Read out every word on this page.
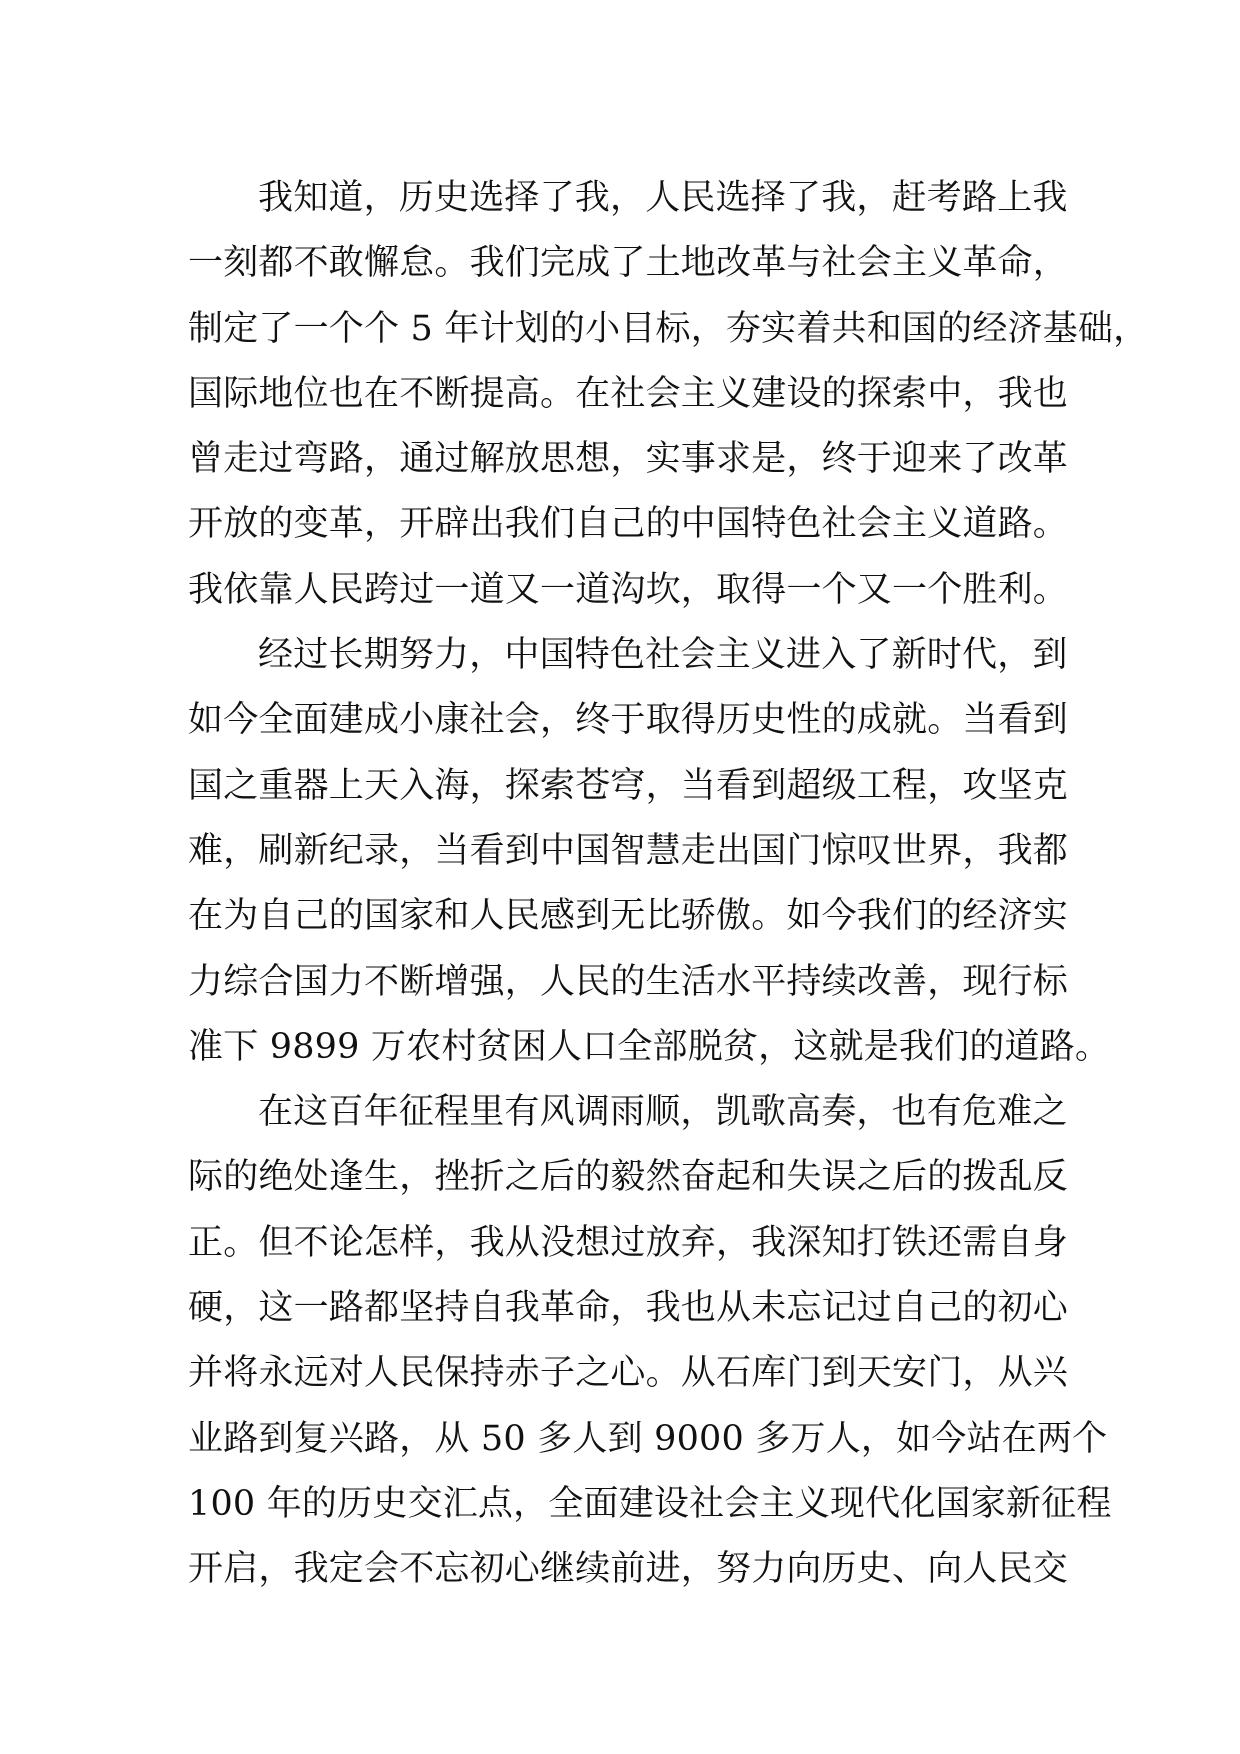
我知道，历史选择了我，人民选择了我，赶考路上我
一刻都不敢懈怠。我们完成了土地改革与社会主义革命，
制定了一个个 5 年计划的小目标，夯实着共和国的经济基础，
国际地位也在不断提高。在社会主义建设的探索中，我也
曾走过弯路，通过解放思想，实事求是，终于迎来了改革
开放的变革，开辟出我们自己的中国特色社会主义道路。
我依靠人民跨过一道又一道沟坎，取得一个又一个胜利。

经过长期努力，中国特色社会主义进入了新时代，到
如今全面建成小康社会，终于取得历史性的成就。当看到
国之重器上天入海，探索苍穹，当看到超级工程，攻坚克
难，刷新纪录，当看到中国智慧走出国门惊叹世界，我都
在为自己的国家和人民感到无比骄傲。如今我们的经济实
力综合国力不断增强，人民的生活水平持续改善，现行标
准下 9899 万农村贫困人口全部脱贫，这就是我们的道路。

在这百年征程里有风调雨顺，凯歌高奏，也有危难之
际的绝处逢生，挫折之后的毅然奋起和失误之后的拨乱反
正。但不论怎样，我从没想过放弃，我深知打铁还需自身
硬，这一路都坚持自我革命，我也从未忘记过自己的初心
并将永远对人民保持赤子之心。从石库门到天安门，从兴
业路到复兴路，从 50 多人到 9000 多万人，如今站在两个
100 年的历史交汇点，全面建设社会主义现代化国家新征程
开启，我定会不忘初心继续前进，努力向历史、向人民交
